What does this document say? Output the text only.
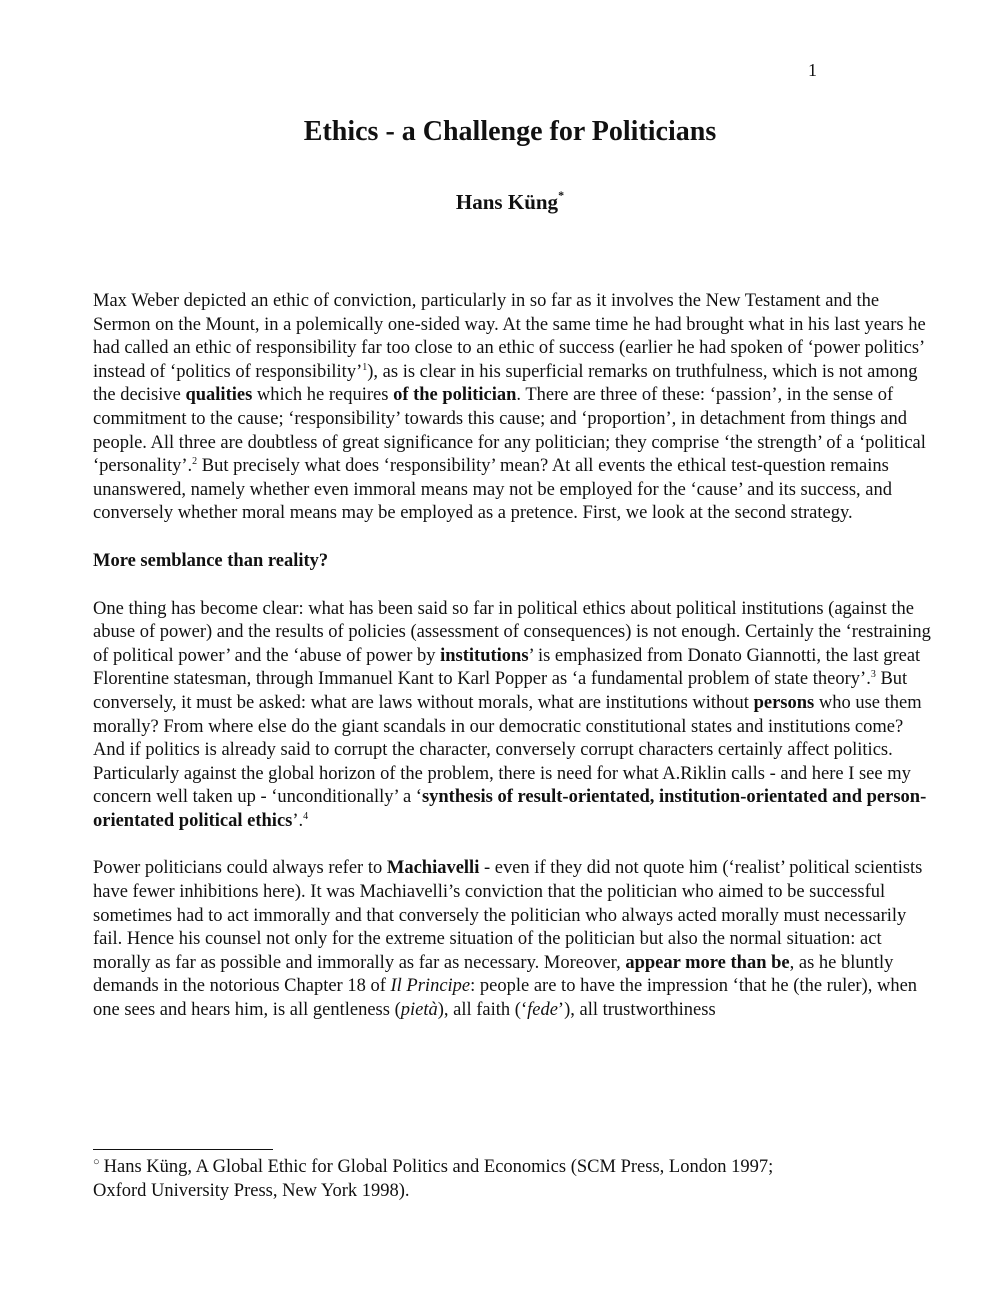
1
Ethics - a Challenge for Politicians
Hans Küng*

Max Weber depicted an ethic of conviction, particularly in so far as it involves the New Testament and the Sermon on the Mount, in a polemically one-sided way. At the same time he had brought what in his last years he had called an ethic of responsibility far too close to an ethic of success (earlier he had spoken of ‘power politics’ instead of ‘politics of responsibility’$^1$), as is clear in his superficial remarks on truthfulness, which is not among the decisive qualities which he requires of the politician. There are three of these: ‘passion’, in the sense of commitment to the cause; ‘responsibility’ towards this cause; and ‘proportion’, in detachment from things and people. All three are doubtless of great significance for any politician; they comprise ‘the strength’ of a ‘political ‘personality’.$^2$ But precisely what does ‘responsibility’ mean? At all events the ethical test-question remains unanswered, namely whether even immoral means may not be employed for the ‘cause’ and its success, and conversely whether moral means may be employed as a pretence. First, we look at the second strategy.

More semblance than reality?

One thing has become clear: what has been said so far in political ethics about political institutions (against the abuse of power) and the results of policies (assessment of consequences) is not enough. Certainly the ‘restraining of political power’ and the ‘abuse of power by institutions’ is emphasized from Donato Giannotti, the last great Florentine statesman, through Immanuel Kant to Karl Popper as ‘a fundamental problem of state theory’.$^3$ But conversely, it must be asked: what are laws without morals, what are institutions without persons who use them morally? From where else do the giant scandals in our democratic constitutional states and institutions come? And if politics is already said to corrupt the character, conversely corrupt characters certainly affect politics. Particularly against the global horizon of the problem, there is need for what A.Riklin calls - and here I see my concern well taken up - ‘unconditionally’ a ‘synthesis of result-orientated, institution-orientated and person-orientated political ethics’.$^4$

Power politicians could always refer to Machiavelli - even if they did not quote him (‘realist’ political scientists have fewer inhibitions here). It was Machiavelli’s conviction that the politician who aimed to be successful sometimes had to act immorally and that conversely the politician who always acted morally must necessarily fail. Hence his counsel not only for the extreme situation of the politician but also the normal situation: act morally as far as possible and immorally as far as necessary. Moreover, appear more than be, as he bluntly demands in the notorious Chapter 18 of Il Principe: people are to have the impression ‘that he (the ruler), when one sees and hears him, is all gentleness (pietà), all faith (‘fede’), all trustworthiness

○ Hans Küng, A Global Ethic for Global Politics and Economics (SCM Press, London 1997; Oxford University Press, New York 1998).
